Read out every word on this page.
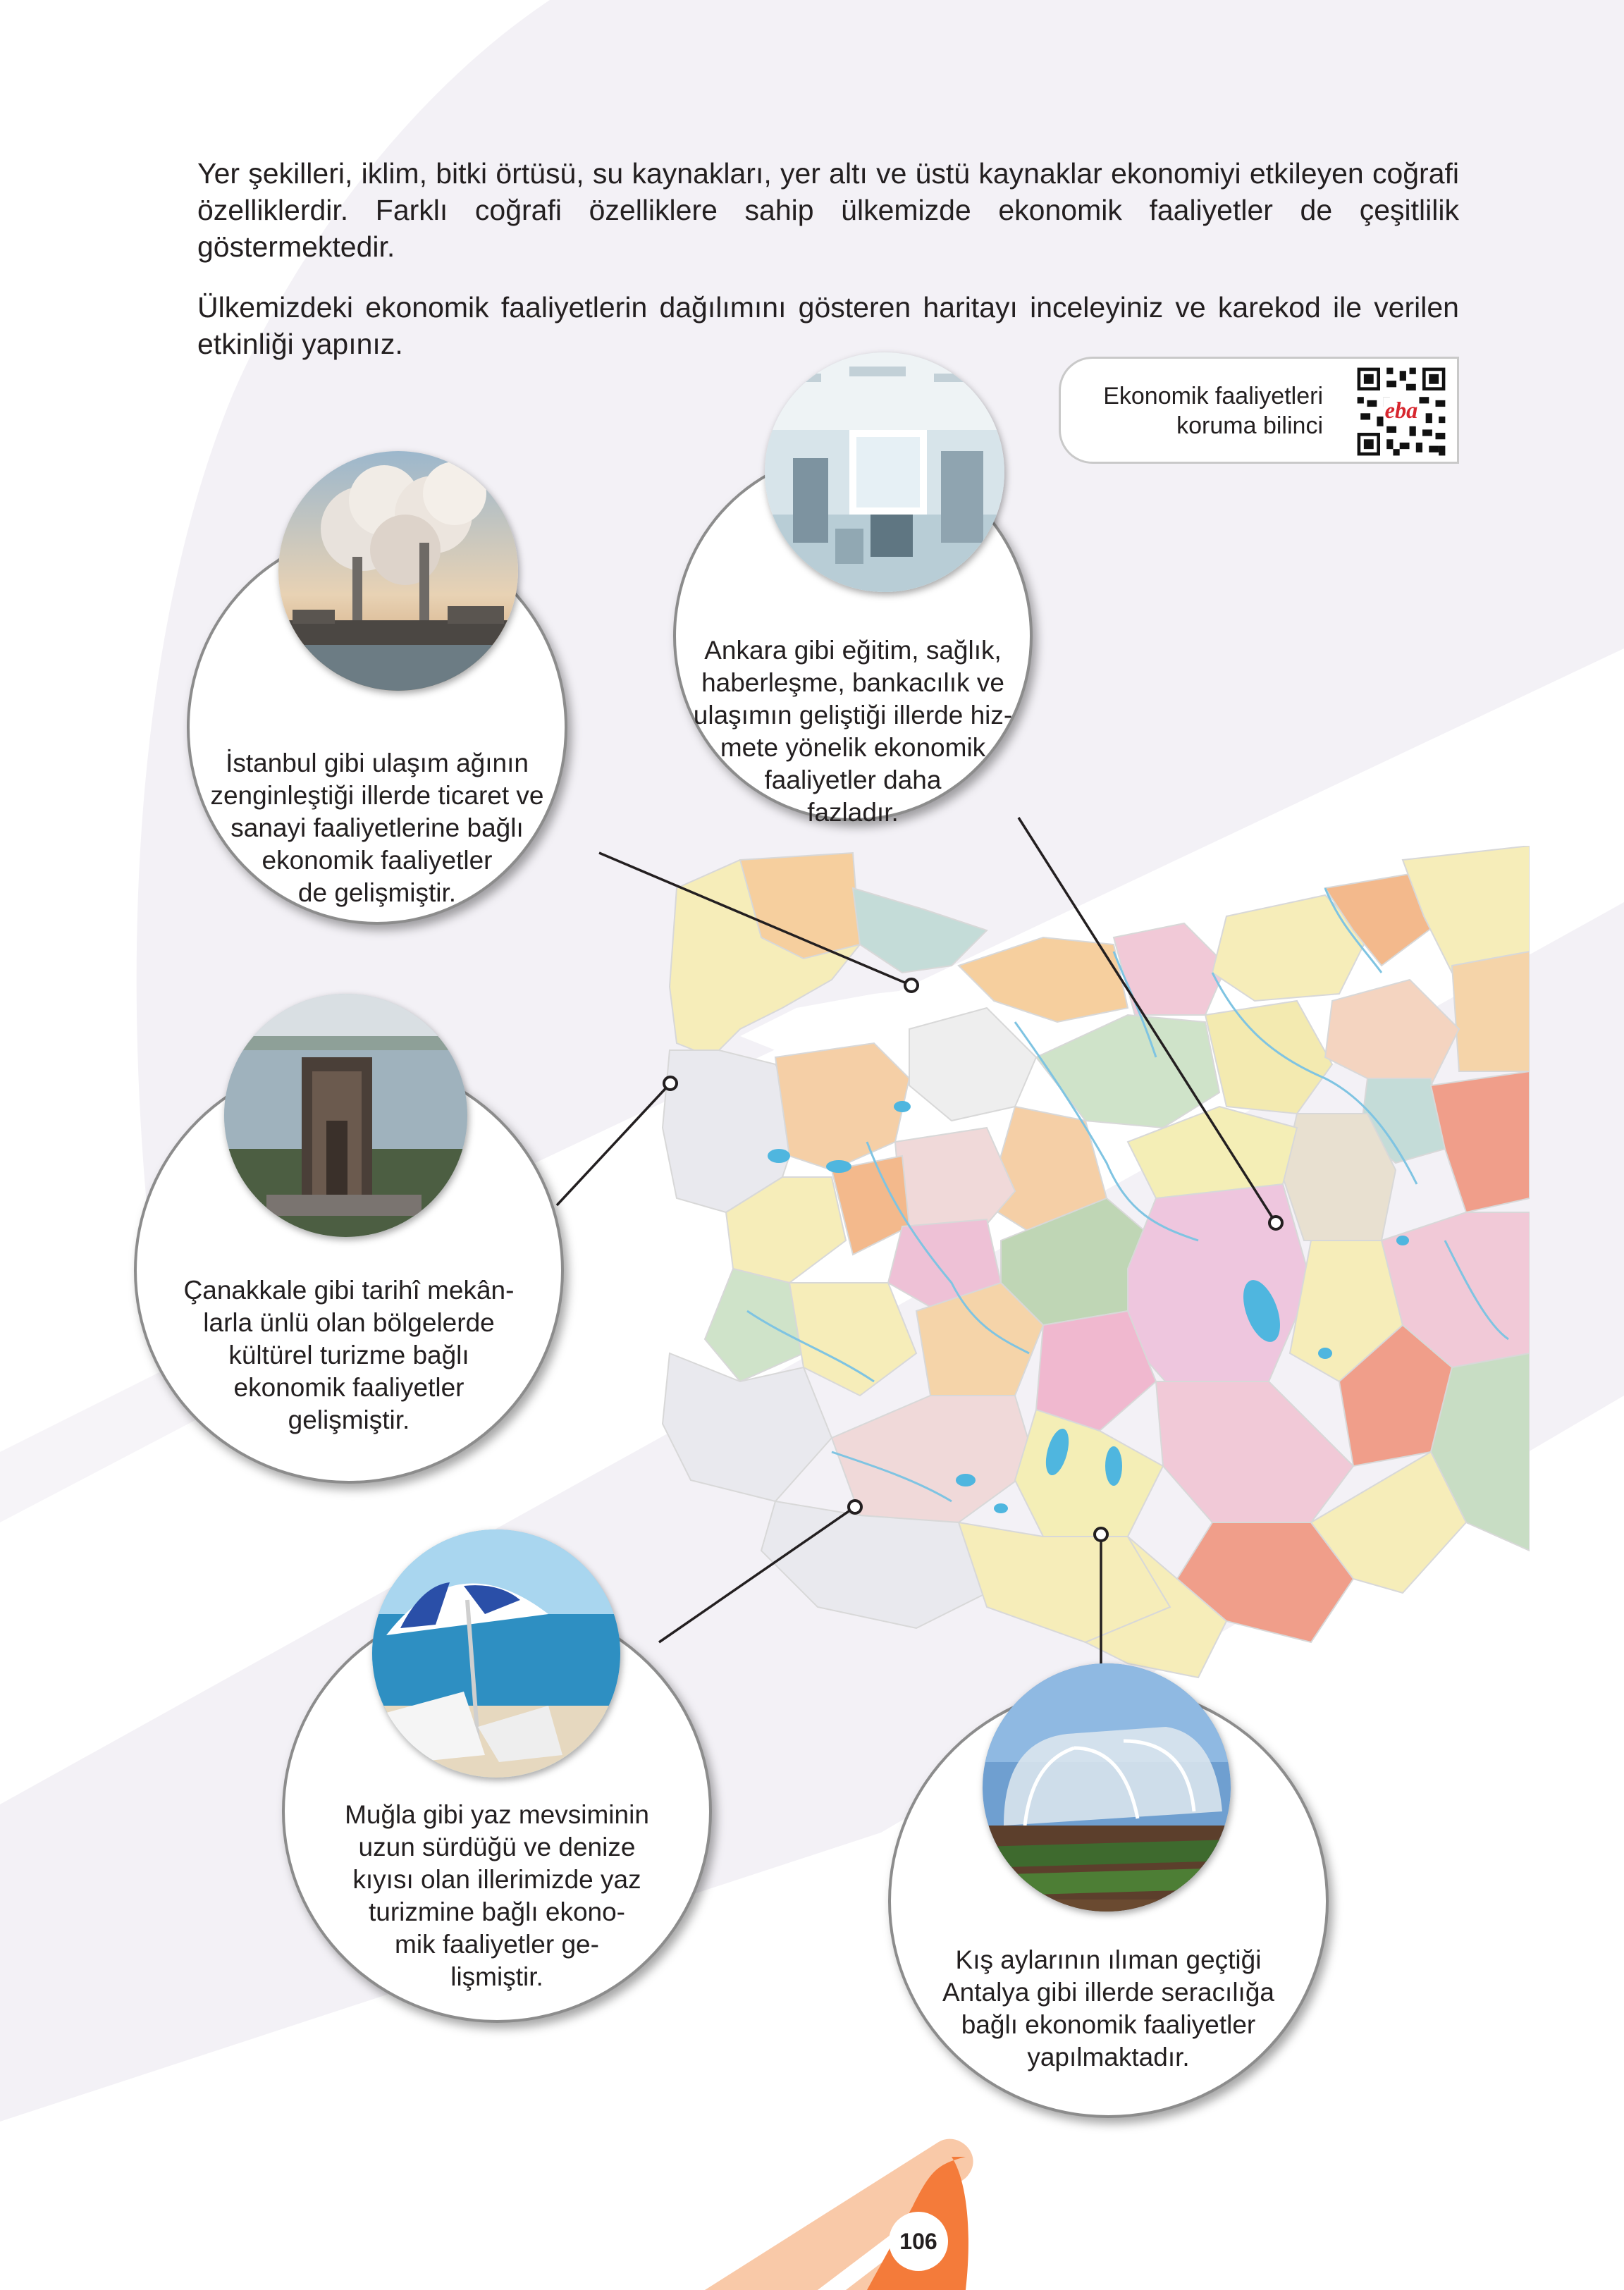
Yer şekilleri, iklim, bitki örtüsü, su kaynakları, yer altı ve üstü kaynaklar ekonomiyi etkileyen coğrafi özelliklerdir. Farklı coğrafi özelliklere sahip ülkemizde ekonomik faaliyetler de çeşitlilik göstermektedir.

Ülkemizdeki ekonomik faaliyetlerin dağılımını gösteren haritayı inceleyiniz ve karekod ile verilen etkinliği yapınız.

Ekonomik faaliyetleri
koruma bilinci
eba
İstanbul gibi ulaşım ağının
zenginleştiği illerde ticaret ve
sanayi faaliyetlerine bağlı
ekonomik faaliyetler
de gelişmiştir.
Ankara gibi eğitim, sağlık,
haberleşme, bankacılık ve
ulaşımın geliştiği illerde hiz-
mete yönelik ekonomik
faaliyetler daha
fazladır.
Çanakkale gibi tarihî mekân-
larla ünlü olan bölgelerde
kültürel turizme bağlı
ekonomik faaliyetler
gelişmiştir.
Muğla gibi yaz mevsiminin
uzun sürdüğü ve denize
kıyısı olan illerimizde yaz
turizmine bağlı ekono-
mik faaliyetler ge-
lişmiştir.
Kış aylarının ılıman geçtiği
Antalya gibi illerde seracılığa
bağlı ekonomik faaliyetler
yapılmaktadır.
106
